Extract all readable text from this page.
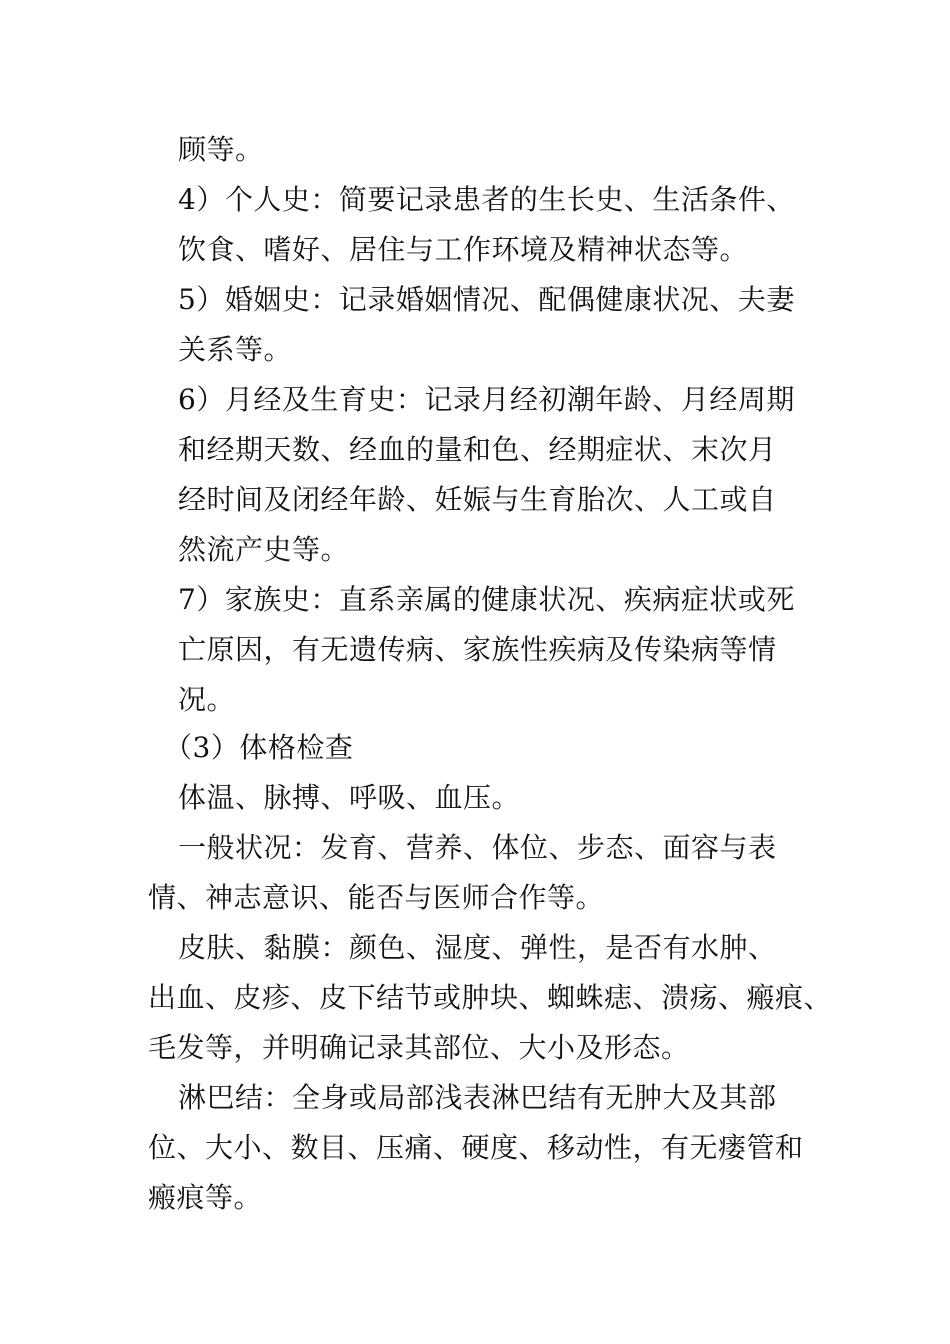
顾等。
4）个人史：简要记录患者的生长史、生活条件、
饮食、嗜好、居住与工作环境及精神状态等。
5）婚姻史：记录婚姻情况、配偶健康状况、夫妻
关系等。
6）月经及生育史：记录月经初潮年龄、月经周期
和经期天数、经血的量和色、经期症状、末次月
经时间及闭经年龄、妊娠与生育胎次、人工或自
然流产史等。
7）家族史：直系亲属的健康状况、疾病症状或死
亡原因，有无遗传病、家族性疾病及传染病等情
况。
（3）体格检查
体温、脉搏、呼吸、血压。
一般状况：发育、营养、体位、步态、面容与表
情、神志意识、能否与医师合作等。
皮肤、黏膜：颜色、湿度、弹性，是否有水肿、
出血、皮疹、皮下结节或肿块、蜘蛛痣、溃疡、瘢痕、
毛发等，并明确记录其部位、大小及形态。
淋巴结：全身或局部浅表淋巴结有无肿大及其部
位、大小、数目、压痛、硬度、移动性，有无瘘管和
瘢痕等。
